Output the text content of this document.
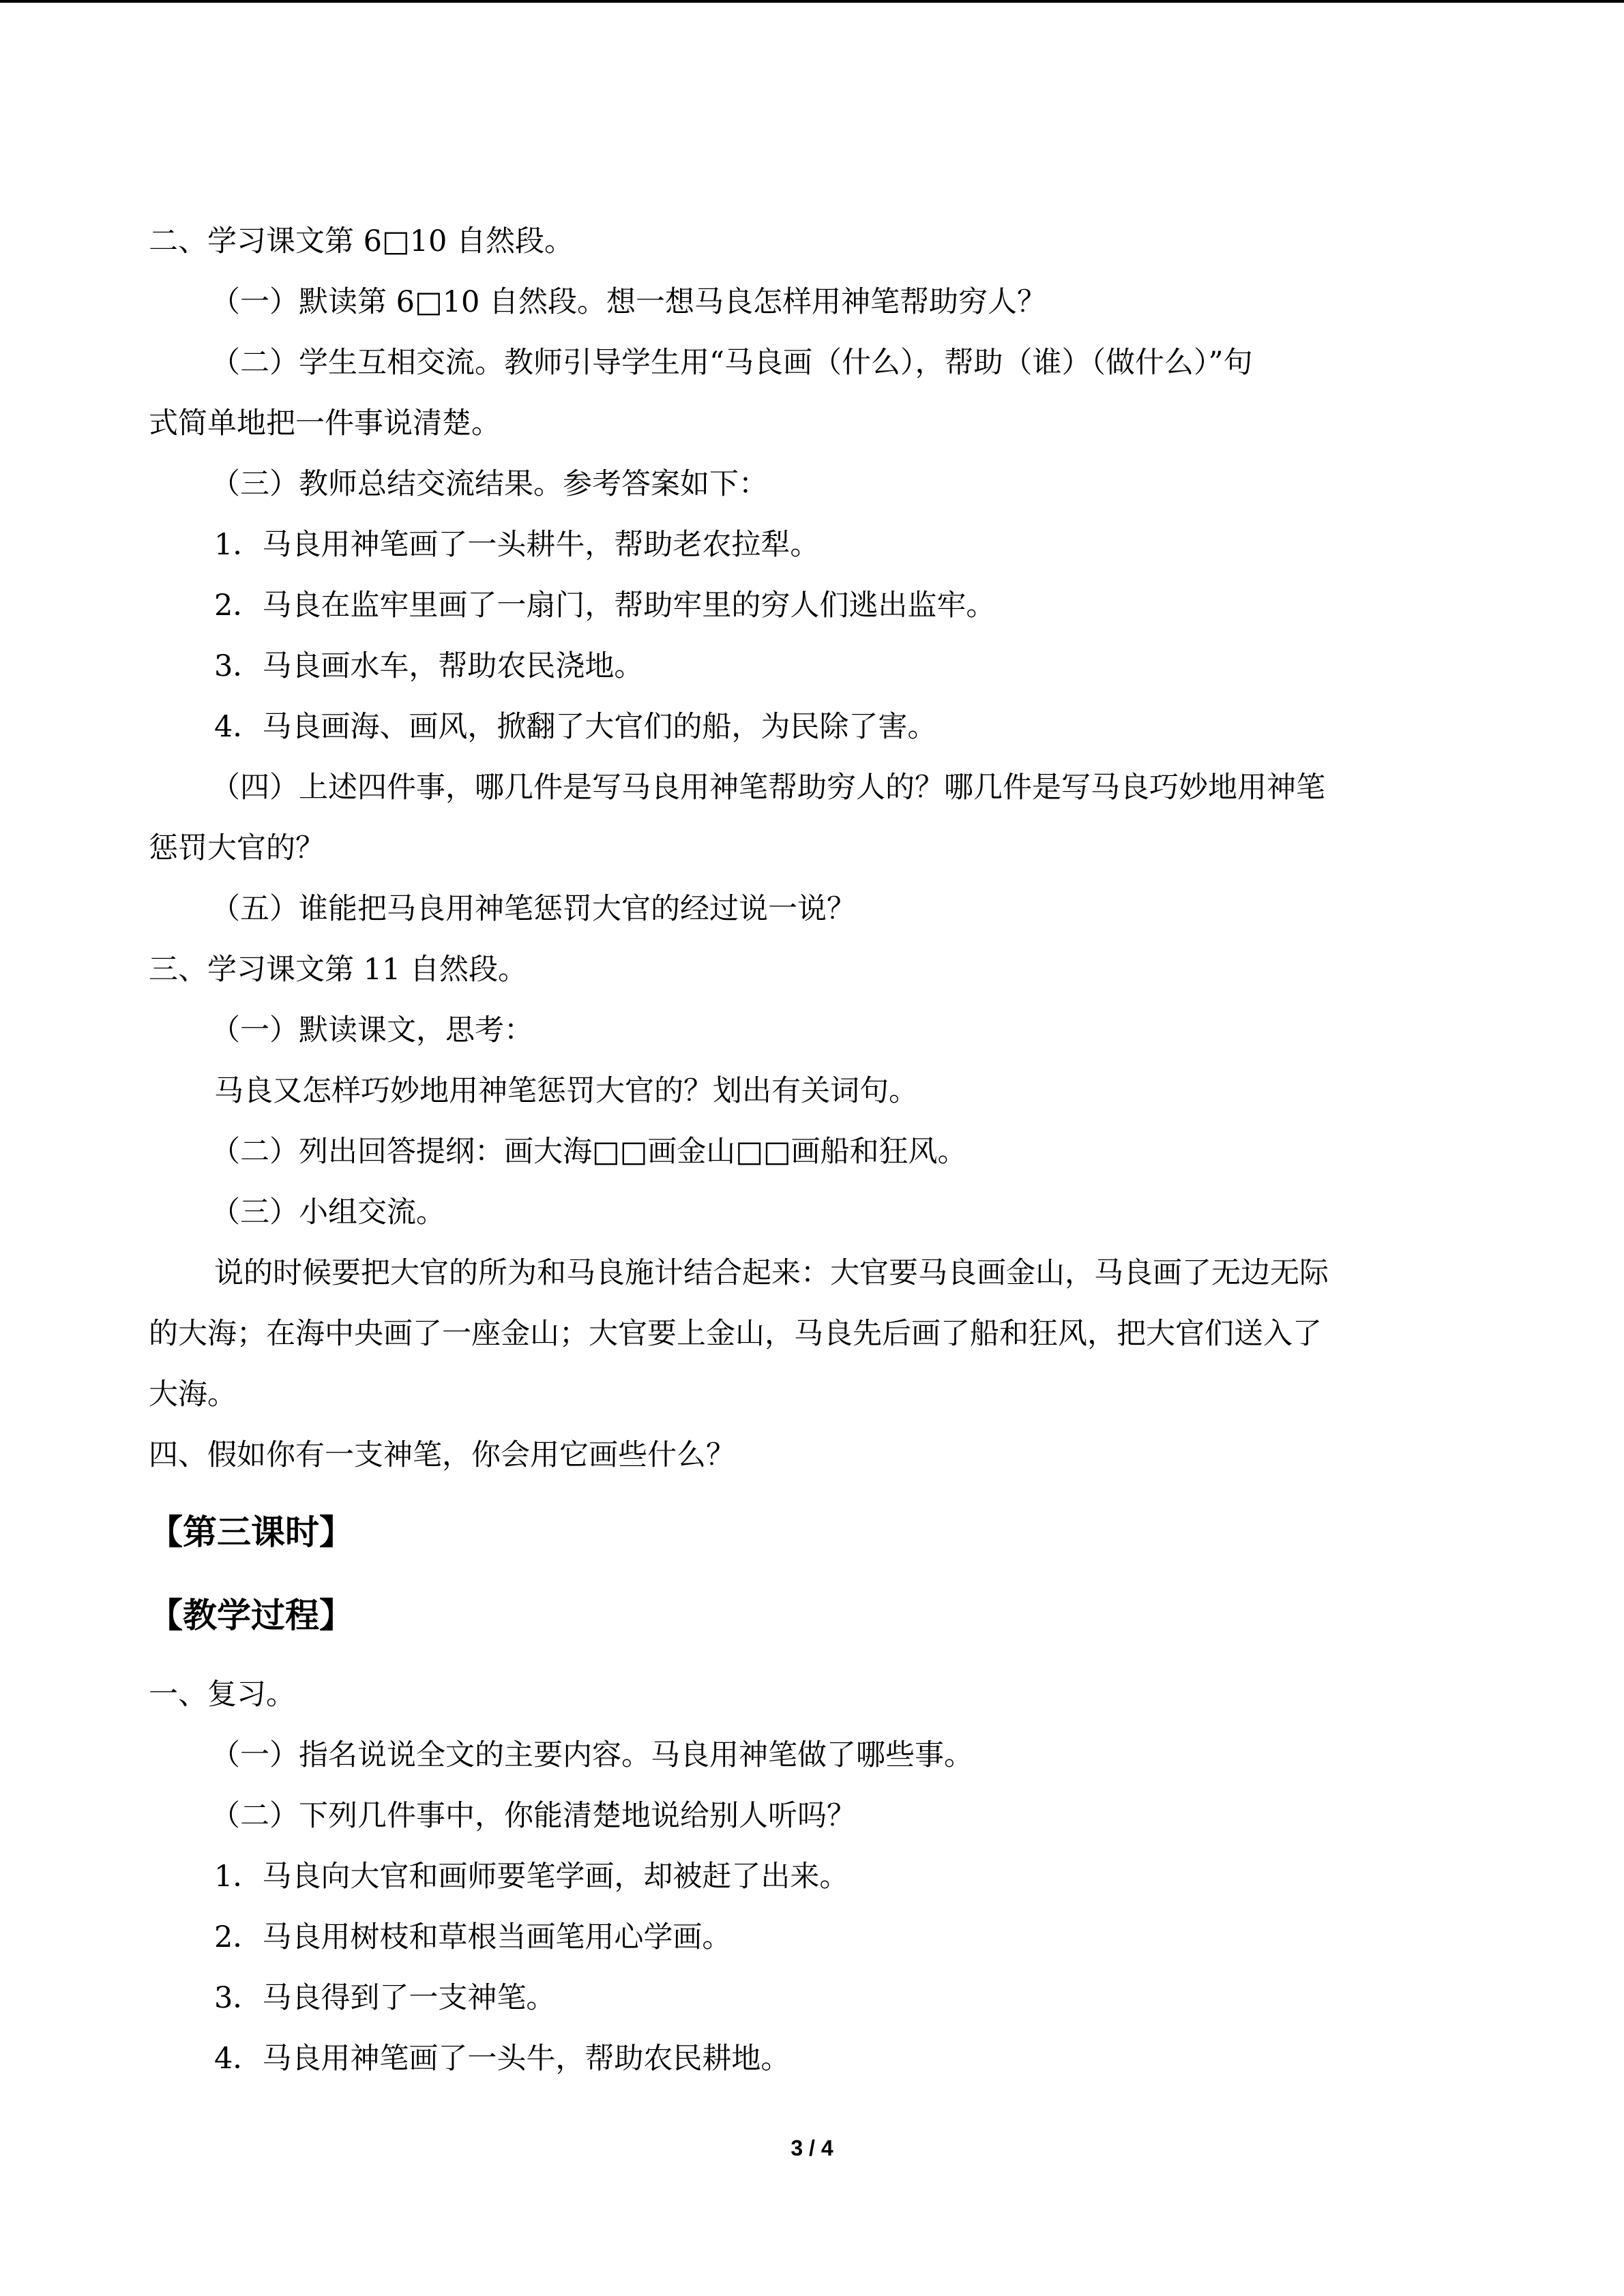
二、学习课文第 6□10 自然段。
（一）默读第 6□10 自然段。想一想马良怎样用神笔帮助穷人？
（二）学生互相交流。教师引导学生用“马良画（什么），帮助（谁）（做什么）”句
式简单地把一件事说清楚。
（三）教师总结交流结果。参考答案如下：
1．马良用神笔画了一头耕牛，帮助老农拉犁。
2．马良在监牢里画了一扇门，帮助牢里的穷人们逃出监牢。
3．马良画水车，帮助农民浇地。
4．马良画海、画风，掀翻了大官们的船，为民除了害。
（四）上述四件事，哪几件是写马良用神笔帮助穷人的？哪几件是写马良巧妙地用神笔
惩罚大官的？
（五）谁能把马良用神笔惩罚大官的经过说一说？
三、学习课文第 11 自然段。
（一）默读课文，思考：
马良又怎样巧妙地用神笔惩罚大官的？划出有关词句。
（二）列出回答提纲：画大海□□画金山□□画船和狂风。
（三）小组交流。
说的时候要把大官的所为和马良施计结合起来：大官要马良画金山，马良画了无边无际
的大海；在海中央画了一座金山；大官要上金山，马良先后画了船和狂风，把大官们送入了
大海。
四、假如你有一支神笔，你会用它画些什么？
【第三课时】
【教学过程】
一、复习。
（一）指名说说全文的主要内容。马良用神笔做了哪些事。
（二）下列几件事中，你能清楚地说给别人听吗？
1．马良向大官和画师要笔学画，却被赶了出来。
2．马良用树枝和草根当画笔用心学画。
3．马良得到了一支神笔。
4．马良用神笔画了一头牛，帮助农民耕地。
3 / 4
